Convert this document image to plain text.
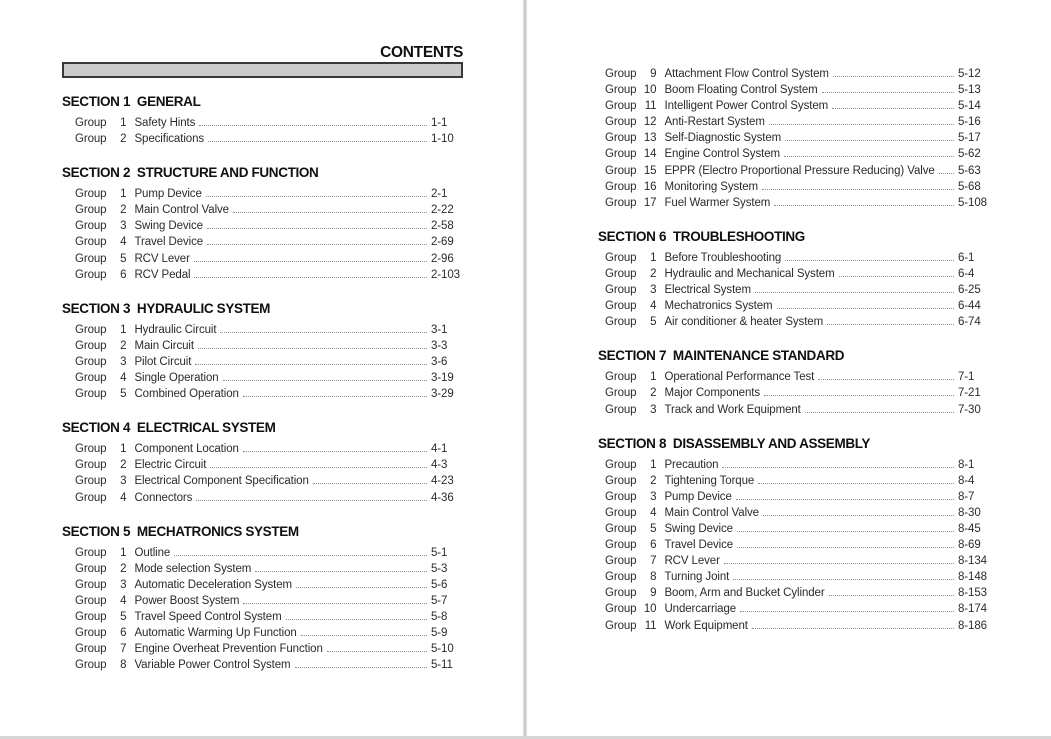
CONTENTS
SECTION 1  GENERAL
Group	1 Safety Hints	1-1
Group	2 Specifications	1-10
SECTION 2  STRUCTURE AND FUNCTION
Group	1 Pump Device	2-1
Group	2 Main Control Valve	2-22
Group	3 Swing Device	2-58
Group	4 Travel Device	2-69
Group	5 RCV Lever	2-96
Group	6 RCV Pedal	2-103
SECTION 3  HYDRAULIC SYSTEM
Group	1 Hydraulic Circuit	3-1
Group	2 Main Circuit	3-3
Group	3 Pilot Circuit	3-6
Group	4 Single Operation	3-19
Group	5 Combined Operation	3-29
SECTION 4  ELECTRICAL SYSTEM
Group	1 Component Location	4-1
Group	2 Electric Circuit	4-3
Group	3 Electrical Component Specification	4-23
Group	4 Connectors	4-36
SECTION 5  MECHATRONICS SYSTEM
Group	1 Outline	5-1
Group	2 Mode selection System	5-3
Group	3 Automatic Deceleration System	5-6
Group	4 Power Boost System	5-7
Group	5 Travel Speed Control System	5-8
Group	6 Automatic Warming Up Function	5-9
Group	7 Engine Overheat Prevention Function	5-10
Group	8 Variable Power Control System	5-11
Group	9 Attachment Flow Control System	5-12
Group 10 Boom Floating Control System	5-13
Group 11 Intelligent Power Control System	5-14
Group 12 Anti-Restart System	5-16
Group 13 Self-Diagnostic System	5-17
Group 14 Engine Control System	5-62
Group 15 EPPR (Electro Proportional Pressure Reducing) Valve 5-63
Group 16 Monitoring System	5-68
Group 17 Fuel Warmer System	5-108
SECTION 6  TROUBLESHOOTING
Group	1 Before Troubleshooting	6-1
Group	2 Hydraulic and Mechanical System	6-4
Group	3 Electrical System	6-25
Group	4 Mechatronics System	6-44
Group	5 Air conditioner & heater System	6-74
SECTION 7  MAINTENANCE STANDARD
Group	1 Operational Performance Test	7-1
Group	2 Major Components	7-21
Group	3 Track and Work Equipment	7-30
SECTION 8  DISASSEMBLY AND ASSEMBLY
Group	1 Precaution	8-1
Group	2 Tightening Torque	8-4
Group	3 Pump Device	8-7
Group	4 Main Control Valve	8-30
Group	5 Swing Device	8-45
Group	6 Travel Device	8-69
Group	7 RCV Lever	8-134
Group	8 Turning Joint	8-148
Group	9 Boom, Arm and Bucket Cylinder	8-153
Group 10 Undercarriage	8-174
Group 11 Work Equipment	8-186
